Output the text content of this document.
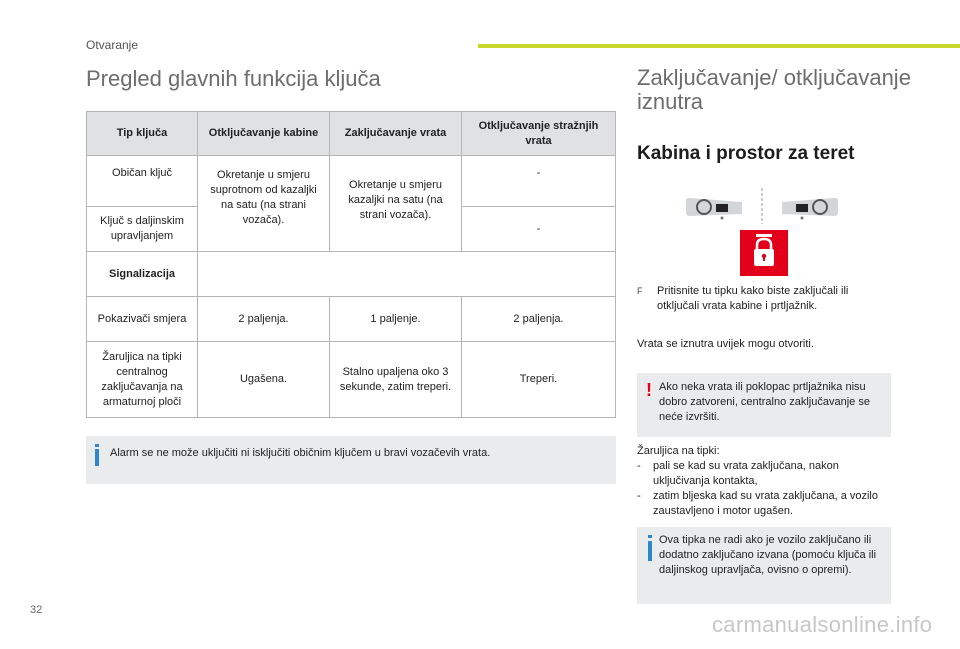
Otvaranje
Pregled glavnih funkcija ključa
Tip ključa	Otključavanje kabine	Zaključavanje vrata	Otključavanje stražnjih vrata
Običan ključ	Okretanje u smjeru suprotnom od kazaljki na satu (na strani vozača).	Okretanje u smjeru kazaljki na satu (na strani vozača).	-
Ključ s daljinskim upravljanjem			-
Signalizacija			
Pokazivači smjera	2 paljenja.	1 paljenje.	2 paljenja.
Žaruljica na tipki centralnog zaključavanja na armaturnoj ploči	Ugašena.	Stalno upaljena oko 3 sekunde, zatim treperi.	Treperi.
Alarm se ne može uključiti ni isključiti običnim ključem u bravi vozačevih vrata.
Zaključavanje/ otključavanje iznutra
Kabina i prostor za teret
F	Pritisnite tu tipku kako biste zaključali ili otključali vrata kabine i prtljažnik.
Vrata se iznutra uvijek mogu otvoriti.
! Ako neka vrata ili poklopac prtljažnika nisu dobro zatvoreni, centralno zaključavanje se neće izvršiti.
Žaruljica na tipki:
- pali se kad su vrata zaključana, nakon uključivanja kontakta,
- zatim bljeska kad su vrata zaključana, a vozilo zaustavljeno i motor ugašen.
Ova tipka ne radi ako je vozilo zaključano ili dodatno zaključano izvana (pomoću ključa ili daljinskog upravljača, ovisno o opremi).
32
carmanualsonline.info
